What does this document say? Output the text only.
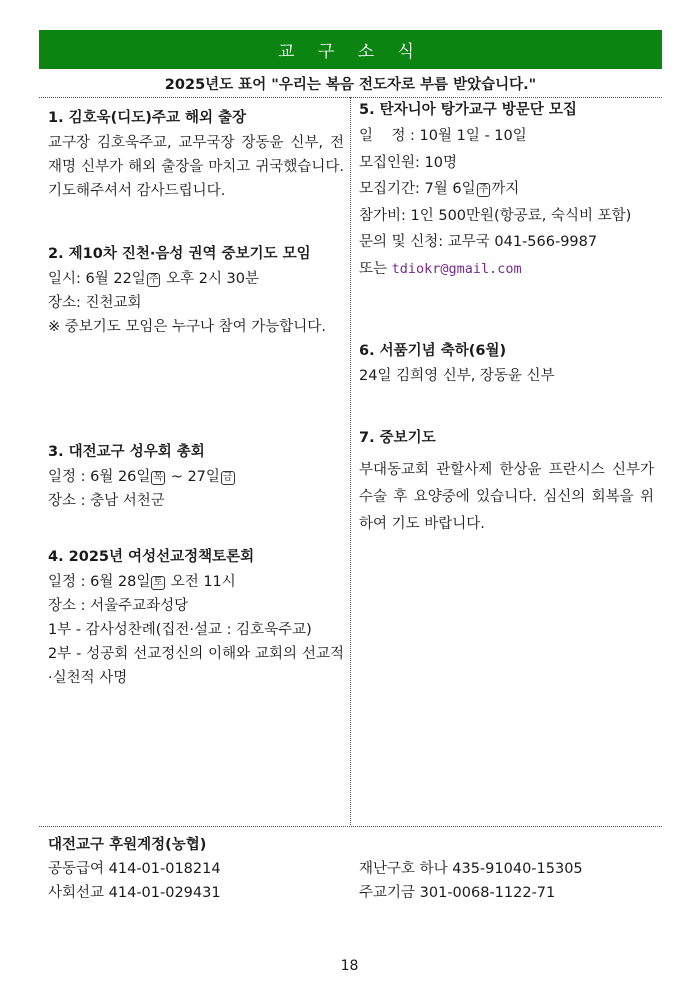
교 구 소 식
2025년도 표어 "우리는 복음 전도자로 부름 받았습니다."

1. 김호욱(디도)주교 해외 출장

교구장 김호욱주교, 교무국장 장동윤 신부, 전재명 신부가 해외 출장을 마치고 귀국했습니다. 기도해주셔서 감사드립니다.

2. 제10차 진천·음성 권역 중보기도 모임

일시: 6월 22일 주 오후 2시 30분

장소: 진천교회

※ 중보기도 모임은 누구나 참여 가능합니다.

3. 대전교구 성우회 총회

일정 : 6월 26일 목 ~ 27일 금

장소 : 충남 서천군

4. 2025년 여성선교정책토론회

일정 : 6월 28일 토 오전 11시

장소 : 서울주교좌성당

1부 - 감사성찬례(집전·설교 : 김호욱주교)

2부 - 성공회 선교정신의 이해와 교회의 선교적·실천적 사명

5. 탄자니아 탕가교구 방문단 모집

일    정 : 10월 1일 - 10일

모집인원: 10명

모집기간: 7월 6일 주 까지

참가비: 1인 500만원(항공료, 숙식비 포함)

문의 및 신청: 교무국 041-566-9987

또는 tdiokr@gmail.com

6. 서품기념 축하(6월)

24일 김희영 신부, 장동윤 신부

7. 중보기도

부대동교회 관할사제 한상윤 프란시스 신부가 수술 후 요양중에 있습니다. 심신의 회복을 위하여 기도 바랍니다.

대전교구 후원계정(농협)
공동급여 414-01-018214
사회선교 414-01-029431
재난구호 하나 435-91040-15305
주교기금 301-0068-1122-71
18
